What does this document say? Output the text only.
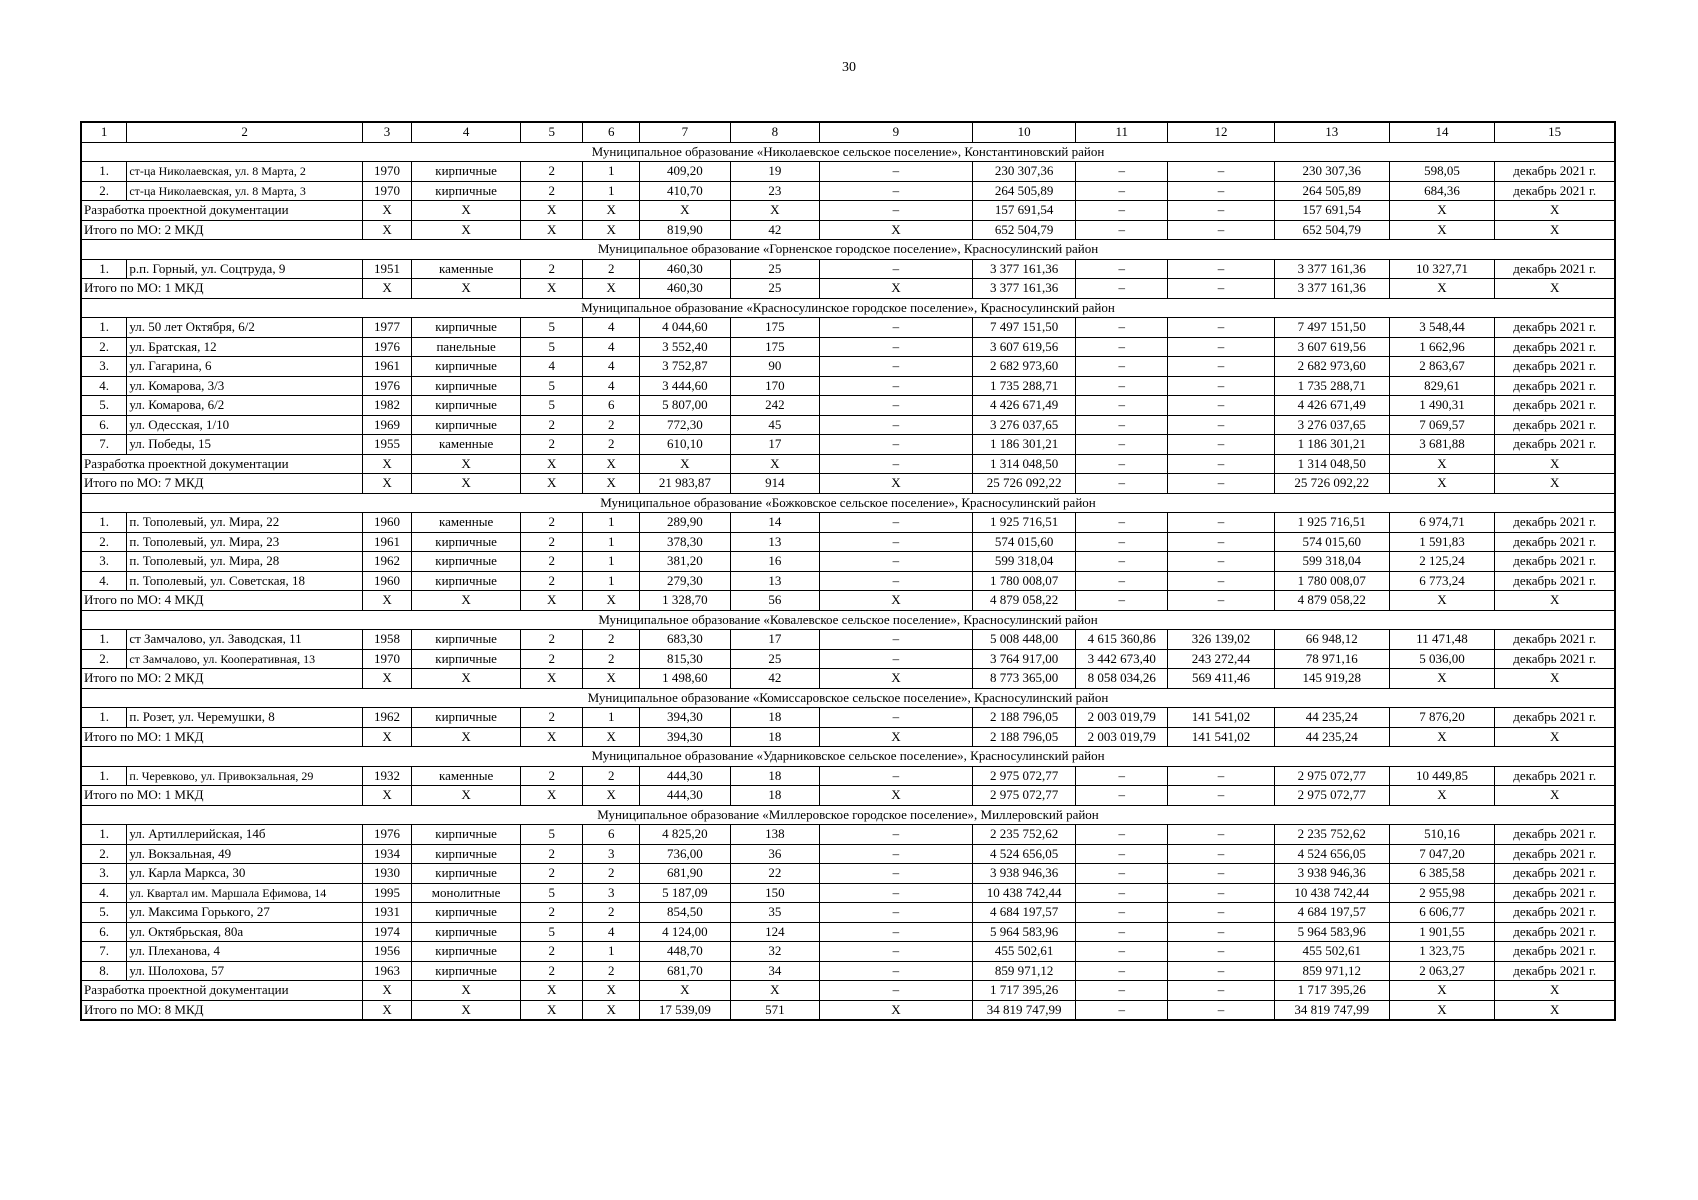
30
1	2	3	4	5	6	7	8	9	10	11	12	13	14	15
Муниципальное образование «Николаевское сельское поселение», Константиновский район														
1.	ст-ца Николаевская, ул. 8 Марта, 2	1970	кирпичные	2	1	409,20	19	–	230 307,36	–	–	230 307,36	598,05	декабрь 2021 г.
2.	ст-ца Николаевская, ул. 8 Марта, 3	1970	кирпичные	2	1	410,70	23	–	264 505,89	–	–	264 505,89	684,36	декабрь 2021 г.
Разработка проектной документации		X	X	X	X	X	X	–	157 691,54	–	–	157 691,54	X	X
Итого по МО: 2 МКД		X	X	X	X	819,90	42	X	652 504,79	–	–	652 504,79	X	X
Муниципальное образование «Горненское городское поселение», Красносулинский район														
1.	р.п. Горный, ул. Соцтруда, 9	1951	каменные	2	2	460,30	25	–	3 377 161,36	–	–	3 377 161,36	10 327,71	декабрь 2021 г.
Итого по МО: 1 МКД		X	X	X	X	460,30	25	X	3 377 161,36	–	–	3 377 161,36	X	X
Муниципальное образование «Красносулинское городское поселение», Красносулинский район														
1.	ул. 50 лет Октября, 6/2	1977	кирпичные	5	4	4 044,60	175	–	7 497 151,50	–	–	7 497 151,50	3 548,44	декабрь 2021 г.
2.	ул. Братская, 12	1976	панельные	5	4	3 552,40	175	–	3 607 619,56	–	–	3 607 619,56	1 662,96	декабрь 2021 г.
3.	ул. Гагарина, 6	1961	кирпичные	4	4	3 752,87	90	–	2 682 973,60	–	–	2 682 973,60	2 863,67	декабрь 2021 г.
4.	ул. Комарова, 3/3	1976	кирпичные	5	4	3 444,60	170	–	1 735 288,71	–	–	1 735 288,71	829,61	декабрь 2021 г.
5.	ул. Комарова, 6/2	1982	кирпичные	5	6	5 807,00	242	–	4 426 671,49	–	–	4 426 671,49	1 490,31	декабрь 2021 г.
6.	ул. Одесская, 1/10	1969	кирпичные	2	2	772,30	45	–	3 276 037,65	–	–	3 276 037,65	7 069,57	декабрь 2021 г.
7.	ул. Победы, 15	1955	каменные	2	2	610,10	17	–	1 186 301,21	–	–	1 186 301,21	3 681,88	декабрь 2021 г.
Разработка проектной документации		X	X	X	X	X	X	–	1 314 048,50	–	–	1 314 048,50	X	X
Итого по МО: 7 МКД		X	X	X	X	21 983,87	914	X	25 726 092,22	–	–	25 726 092,22	X	X
Муниципальное образование «Божковское сельское поселение», Красносулинский район														
1.	п. Тополевый, ул. Мира, 22	1960	каменные	2	1	289,90	14	–	1 925 716,51	–	–	1 925 716,51	6 974,71	декабрь 2021 г.
2.	п. Тополевый, ул. Мира, 23	1961	кирпичные	2	1	378,30	13	–	574 015,60	–	–	574 015,60	1 591,83	декабрь 2021 г.
3.	п. Тополевый, ул. Мира, 28	1962	кирпичные	2	1	381,20	16	–	599 318,04	–	–	599 318,04	2 125,24	декабрь 2021 г.
4.	п. Тополевый, ул. Советская, 18	1960	кирпичные	2	1	279,30	13	–	1 780 008,07	–	–	1 780 008,07	6 773,24	декабрь 2021 г.
Итого по МО: 4 МКД		X	X	X	X	1 328,70	56	X	4 879 058,22	–	–	4 879 058,22	X	X
Муниципальное образование «Ковалевское сельское поселение», Красносулинский район														
1.	ст Замчалово, ул. Заводская, 11	1958	кирпичные	2	2	683,30	17	–	5 008 448,00	4 615 360,86	326 139,02	66 948,12	11 471,48	декабрь 2021 г.
2.	ст Замчалово, ул. Кооперативная, 13	1970	кирпичные	2	2	815,30	25	–	3 764 917,00	3 442 673,40	243 272,44	78 971,16	5 036,00	декабрь 2021 г.
Итого по МО: 2 МКД		X	X	X	X	1 498,60	42	X	8 773 365,00	8 058 034,26	569 411,46	145 919,28	X	X
Муниципальное образование «Комиссаровское сельское поселение», Красносулинский район														
1.	п. Розет, ул. Черемушки, 8	1962	кирпичные	2	1	394,30	18	–	2 188 796,05	2 003 019,79	141 541,02	44 235,24	7 876,20	декабрь 2021 г.
Итого по МО: 1 МКД		X	X	X	X	394,30	18	X	2 188 796,05	2 003 019,79	141 541,02	44 235,24	X	X
Муниципальное образование «Ударниковское сельское поселение», Красносулинский район														
1.	п. Черевково, ул. Привокзальная, 29	1932	каменные	2	2	444,30	18	–	2 975 072,77	–	–	2 975 072,77	10 449,85	декабрь 2021 г.
Итого по МО: 1 МКД		X	X	X	X	444,30	18	X	2 975 072,77	–	–	2 975 072,77	X	X
Муниципальное образование «Миллеровское городское поселение», Миллеровский район														
1.	ул. Артиллерийская, 14б	1976	кирпичные	5	6	4 825,20	138	–	2 235 752,62	–	–	2 235 752,62	510,16	декабрь 2021 г.
2.	ул. Вокзальная, 49	1934	кирпичные	2	3	736,00	36	–	4 524 656,05	–	–	4 524 656,05	7 047,20	декабрь 2021 г.
3.	ул. Карла Маркса, 30	1930	кирпичные	2	2	681,90	22	–	3 938 946,36	–	–	3 938 946,36	6 385,58	декабрь 2021 г.
4.	ул. Квартал им. Маршала Ефимова, 14	1995	монолитные	5	3	5 187,09	150	–	10 438 742,44	–	–	10 438 742,44	2 955,98	декабрь 2021 г.
5.	ул. Максима Горького, 27	1931	кирпичные	2	2	854,50	35	–	4 684 197,57	–	–	4 684 197,57	6 606,77	декабрь 2021 г.
6.	ул. Октябрьская, 80а	1974	кирпичные	5	4	4 124,00	124	–	5 964 583,96	–	–	5 964 583,96	1 901,55	декабрь 2021 г.
7.	ул. Плеханова, 4	1956	кирпичные	2	1	448,70	32	–	455 502,61	–	–	455 502,61	1 323,75	декабрь 2021 г.
8.	ул. Шолохова, 57	1963	кирпичные	2	2	681,70	34	–	859 971,12	–	–	859 971,12	2 063,27	декабрь 2021 г.
Разработка проектной документации		X	X	X	X	X	X	–	1 717 395,26	–	–	1 717 395,26	X	X
Итого по МО: 8 МКД		X	X	X	X	17 539,09	571	X	34 819 747,99	–	–	34 819 747,99	X	X
